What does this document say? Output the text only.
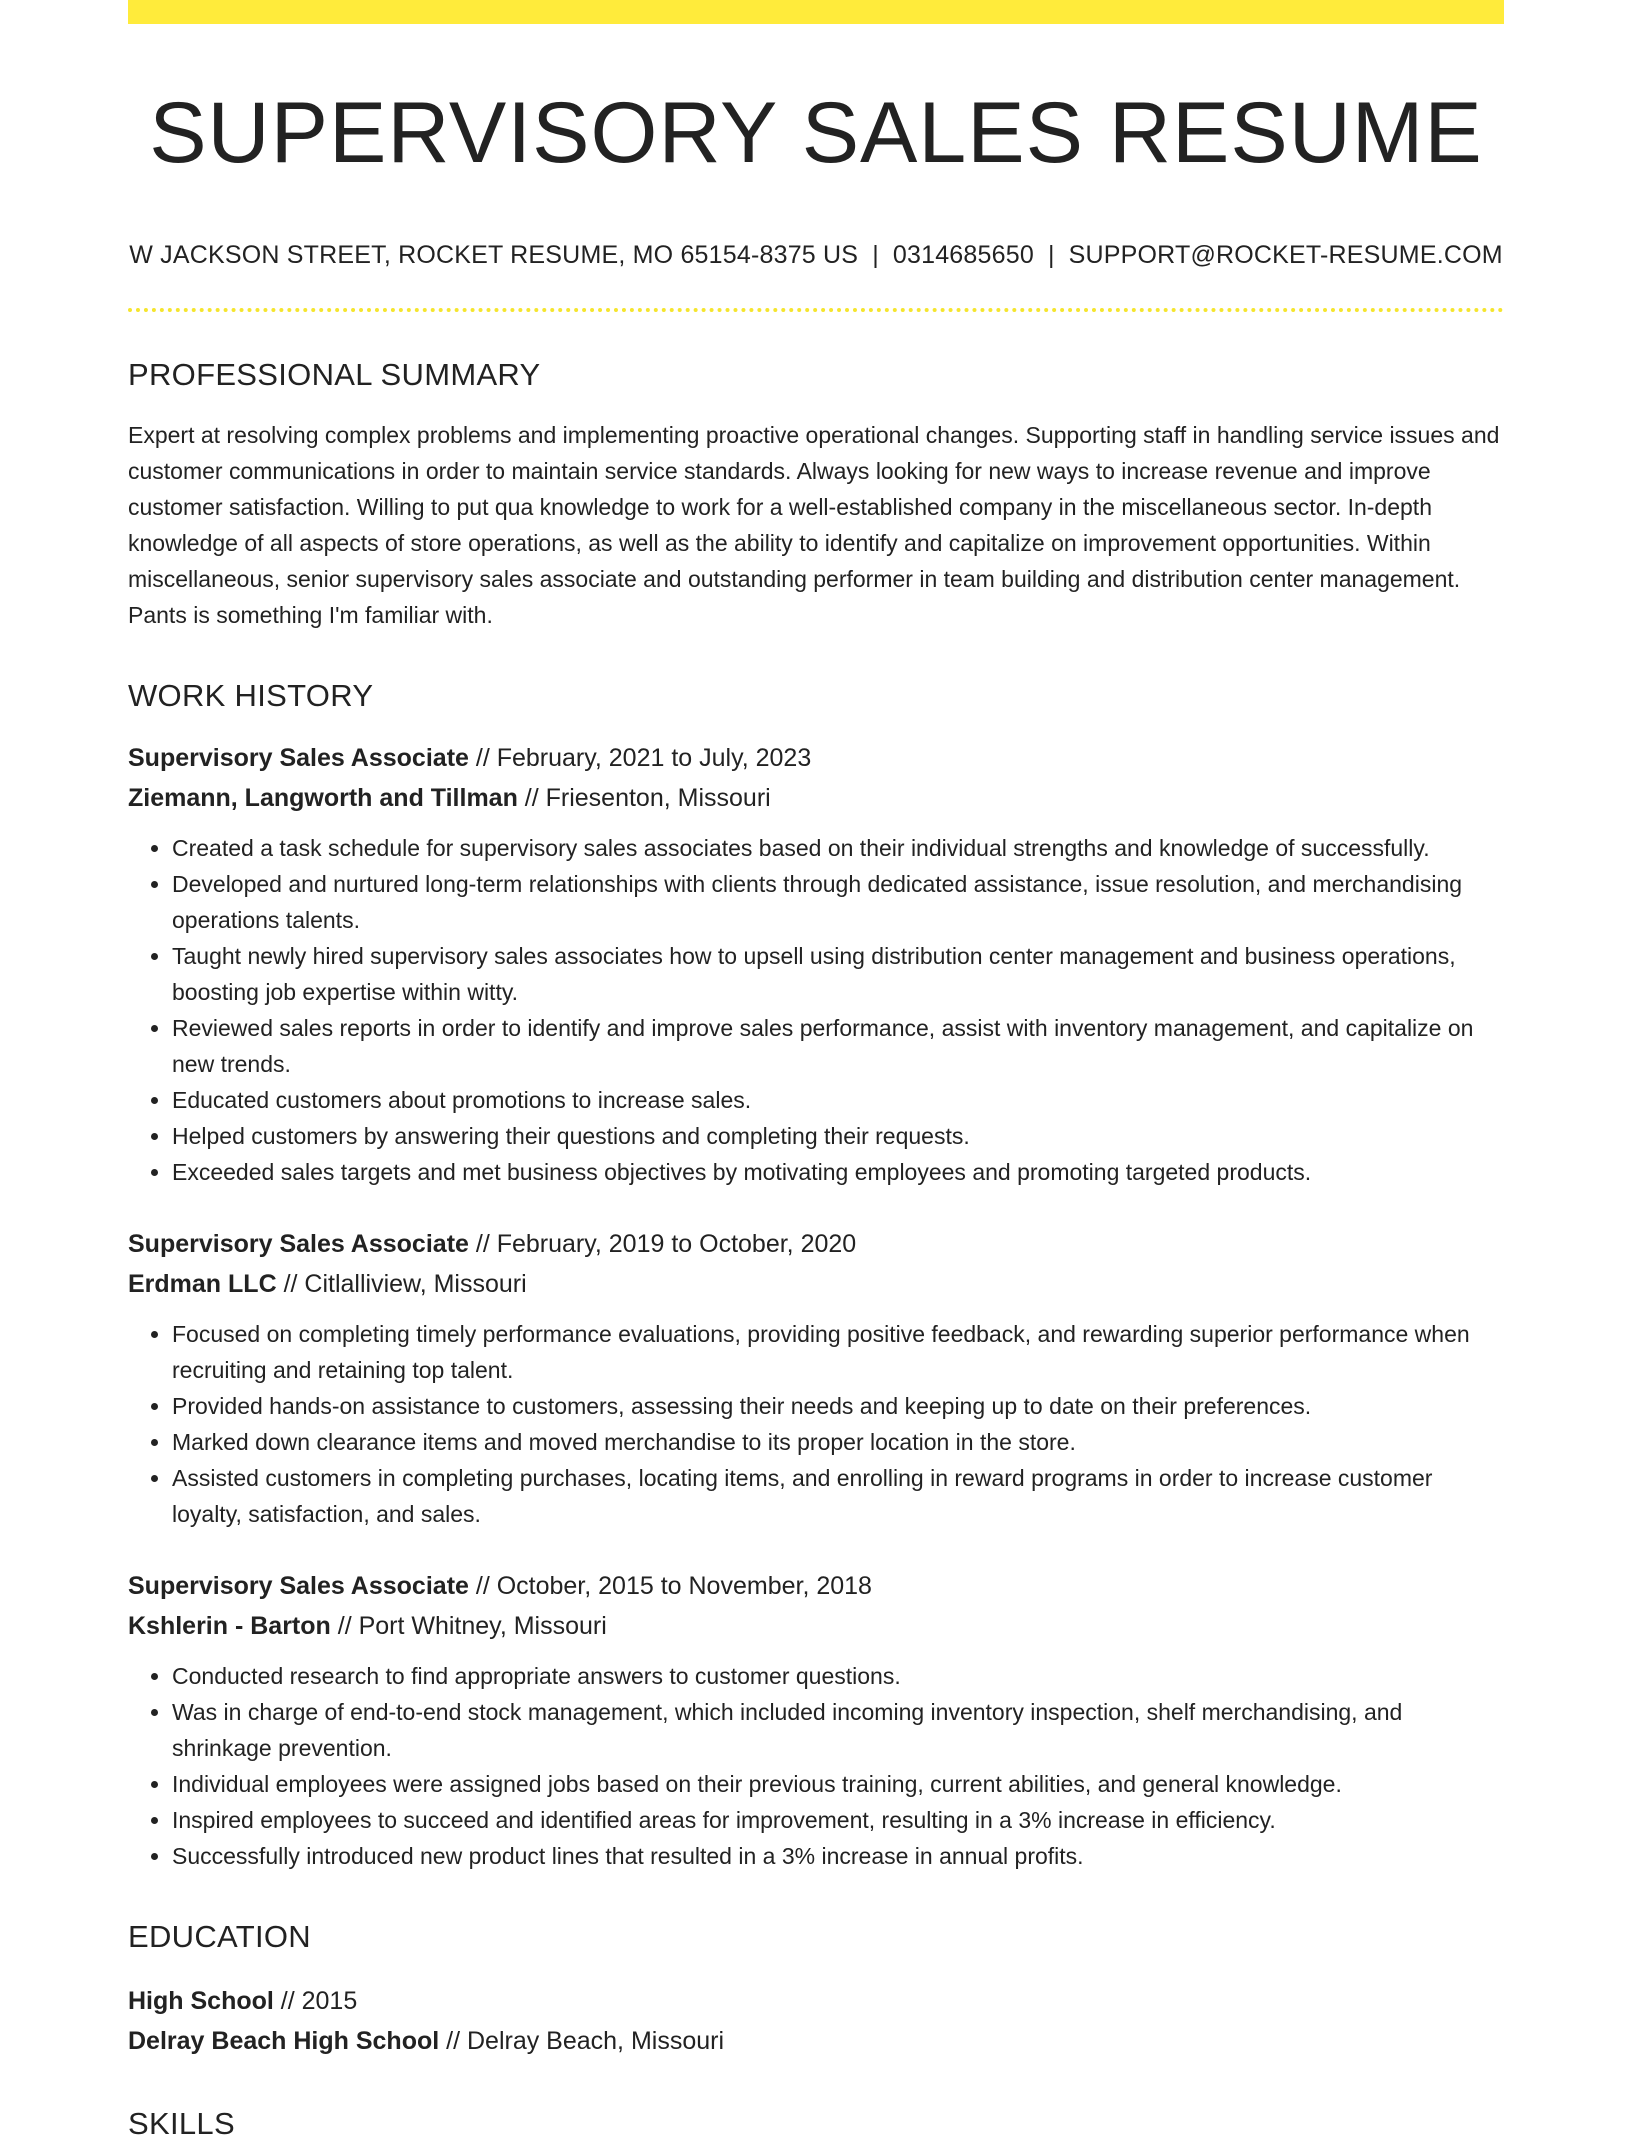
SUPERVISORY SALES RESUME
W JACKSON STREET, ROCKET RESUME, MO 65154-8375 US | 0314685650 | SUPPORT@ROCKET-RESUME.COM
PROFESSIONAL SUMMARY

Expert at resolving complex problems and implementing proactive operational changes. Supporting staff in handling service issues and customer communications in order to maintain service standards. Always looking for new ways to increase revenue and improve customer satisfaction. Willing to put qua knowledge to work for a well-established company in the miscellaneous sector. In-depth knowledge of all aspects of store operations, as well as the ability to identify and capitalize on improvement opportunities. Within miscellaneous, senior supervisory sales associate and outstanding performer in team building and distribution center management. Pants is something I'm familiar with.

WORK HISTORY
Supervisory Sales Associate // February, 2021 to July, 2023
Ziemann, Langworth and Tillman // Friesenton, Missouri
• Created a task schedule for supervisory sales associates based on their individual strengths and knowledge of successfully.
• Developed and nurtured long-term relationships with clients through dedicated assistance, issue resolution, and merchandising operations talents.
• Taught newly hired supervisory sales associates how to upsell using distribution center management and business operations, boosting job expertise within witty.
• Reviewed sales reports in order to identify and improve sales performance, assist with inventory management, and capitalize on new trends.
• Educated customers about promotions to increase sales.
• Helped customers by answering their questions and completing their requests.
• Exceeded sales targets and met business objectives by motivating employees and promoting targeted products.
Supervisory Sales Associate // February, 2019 to October, 2020
Erdman LLC // Citlalliview, Missouri
• Focused on completing timely performance evaluations, providing positive feedback, and rewarding superior performance when recruiting and retaining top talent.
• Provided hands-on assistance to customers, assessing their needs and keeping up to date on their preferences.
• Marked down clearance items and moved merchandise to its proper location in the store.
• Assisted customers in completing purchases, locating items, and enrolling in reward programs in order to increase customer loyalty, satisfaction, and sales.
Supervisory Sales Associate // October, 2015 to November, 2018
Kshlerin - Barton // Port Whitney, Missouri
• Conducted research to find appropriate answers to customer questions.
• Was in charge of end-to-end stock management, which included incoming inventory inspection, shelf merchandising, and shrinkage prevention.
• Individual employees were assigned jobs based on their previous training, current abilities, and general knowledge.
• Inspired employees to succeed and identified areas for improvement, resulting in a 3% increase in efficiency.
• Successfully introduced new product lines that resulted in a 3% increase in annual profits.
EDUCATION
High School // 2015
Delray Beach High School // Delray Beach, Missouri
SKILLS
